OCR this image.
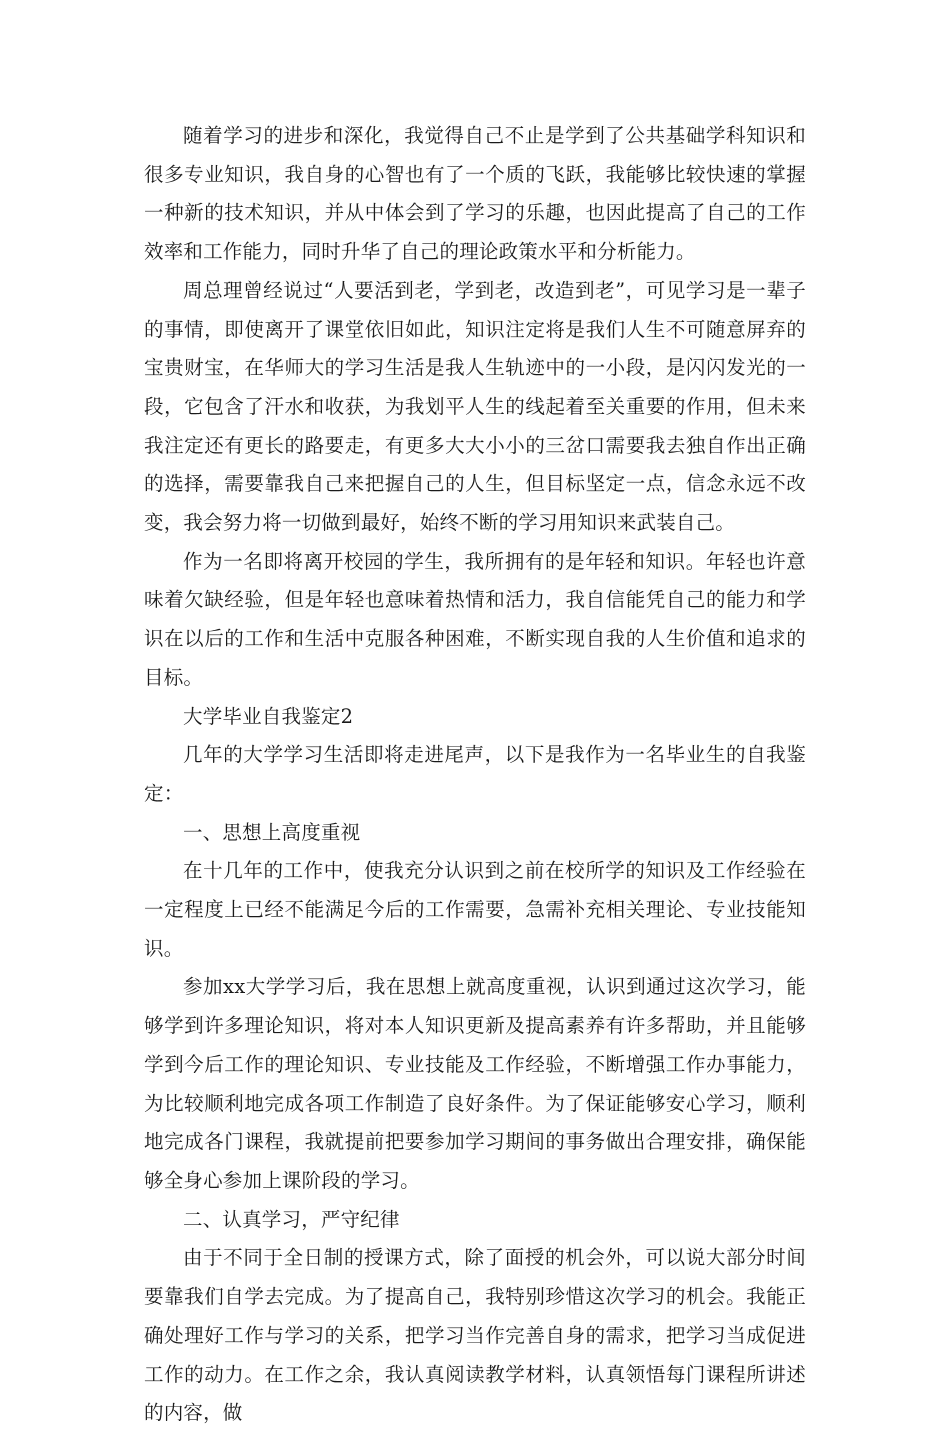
随着学习的进步和深化，我觉得自己不止是学到了公共基础学科知识和很多专业知识，我自身的心智也有了一个质的飞跃，我能够比较快速的掌握一种新的技术知识，并从中体会到了学习的乐趣，也因此提高了自己的工作效率和工作能力，同时升华了自己的理论政策水平和分析能力。

周总理曾经说过“人要活到老，学到老，改造到老”，可见学习是一辈子的事情，即使离开了课堂依旧如此，知识注定将是我们人生不可随意屏弃的宝贵财宝，在华师大的学习生活是我人生轨迹中的一小段，是闪闪发光的一段，它包含了汗水和收获，为我划平人生的线起着至关重要的作用，但未来我注定还有更长的路要走，有更多大大小小的三岔口需要我去独自作出正确的选择，需要靠我自己来把握自己的人生，但目标坚定一点，信念永远不改变，我会努力将一切做到最好，始终不断的学习用知识来武装自己。

作为一名即将离开校园的学生，我所拥有的是年轻和知识。年轻也许意味着欠缺经验，但是年轻也意味着热情和活力，我自信能凭自己的能力和学识在以后的工作和生活中克服各种困难，不断实现自我的人生价值和追求的目标。

大学毕业自我鉴定2

几年的大学学习生活即将走进尾声，以下是我作为一名毕业生的自我鉴定：

一、思想上高度重视

在十几年的工作中，使我充分认识到之前在校所学的知识及工作经验在一定程度上已经不能满足今后的工作需要，急需补充相关理论、专业技能知识。

参加xx大学学习后，我在思想上就高度重视，认识到通过这次学习，能够学到许多理论知识，将对本人知识更新及提高素养有许多帮助，并且能够学到今后工作的理论知识、专业技能及工作经验，不断增强工作办事能力，为比较顺利地完成各项工作制造了良好条件。为了保证能够安心学习，顺利地完成各门课程，我就提前把要参加学习期间的事务做出合理安排，确保能够全身心参加上课阶段的学习。

二、认真学习，严守纪律

由于不同于全日制的授课方式，除了面授的机会外，可以说大部分时间要靠我们自学去完成。为了提高自己，我特别珍惜这次学习的机会。我能正确处理好工作与学习的关系，把学习当作完善自身的需求，把学习当成促进工作的动力。在工作之余，我认真阅读教学材料，认真领悟每门课程所讲述的内容，做
